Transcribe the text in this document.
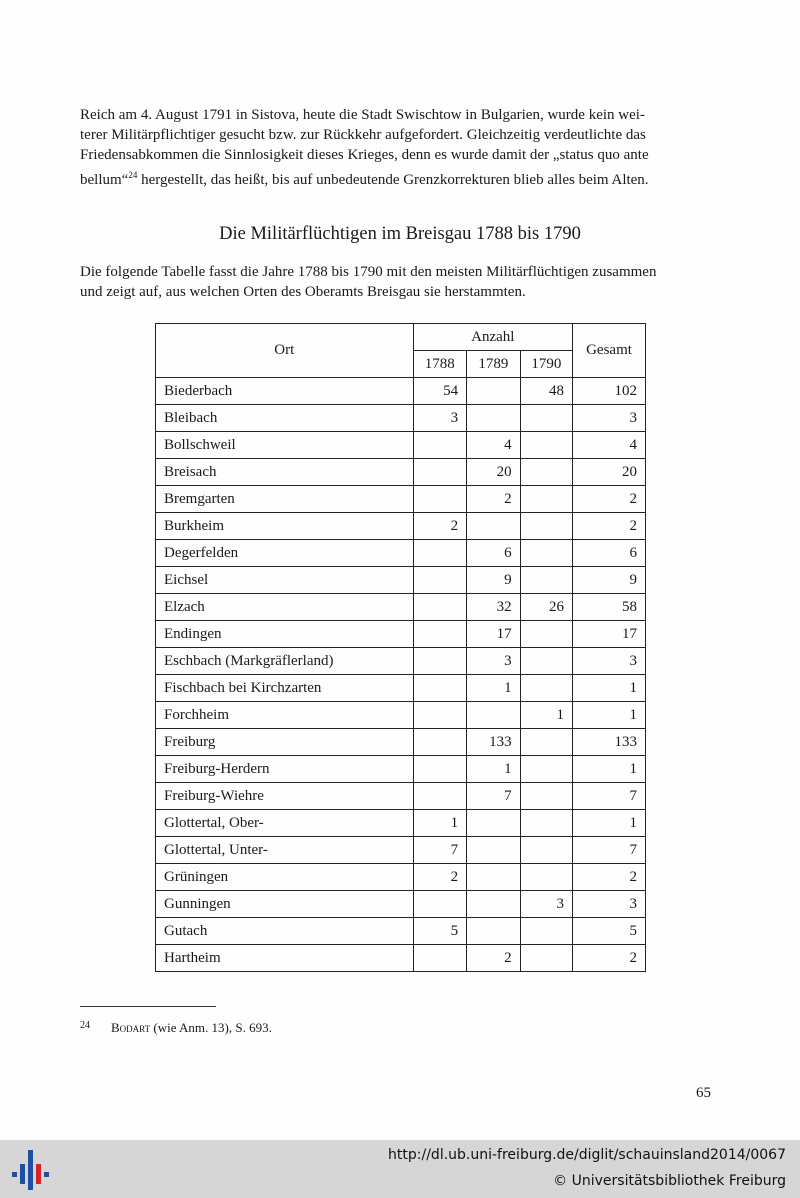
Reich am 4. August 1791 in Sistova, heute die Stadt Swischtow in Bulgarien, wurde kein wei-

terer Militärpflichtiger gesucht bzw. zur Rückkehr aufgefordert. Gleichzeitig verdeutlichte das

Friedensabkommen die Sinnlosigkeit dieses Krieges, denn es wurde damit der „status quo ante

bellum“$^{24}$ hergestellt, das heißt, bis auf unbedeutende Grenzkorrekturen blieb alles beim Alten.

Die Militärflüchtigen im Breisgau 1788 bis 1790

Die folgende Tabelle fasst die Jahre 1788 bis 1790 mit den meisten Militärflüchtigen zusammen

und zeigt auf, aus welchen Orten des Oberamts Breisgau sie herstammten.

Ort	Anzahl			Gesamt
	1788	1789	1790	
Biederbach	54		48	102
Bleibach	3			3
Bollschweil		4		4
Breisach		20		20
Bremgarten		2		2
Burkheim	2			2
Degerfelden		6		6
Eichsel		9		9
Elzach		32	26	58
Endingen		17		17
Eschbach (Markgräflerland)		3		3
Fischbach bei Kirchzarten		1		1
Forchheim			1	1
Freiburg		133		133
Freiburg-Herdern		1		1
Freiburg-Wiehre		7		7
Glottertal, Ober-	1			1
Glottertal, Unter-	7			7
Grüningen	2			2
Gunningen			3	3
Gutach	5			5
Hartheim		2		2
24 Bodart (wie Anm. 13), S. 693.
65
http://dl.ub.uni-freiburg.de/diglit/schauinsland2014/0067
© Universitätsbibliothek Freiburg
